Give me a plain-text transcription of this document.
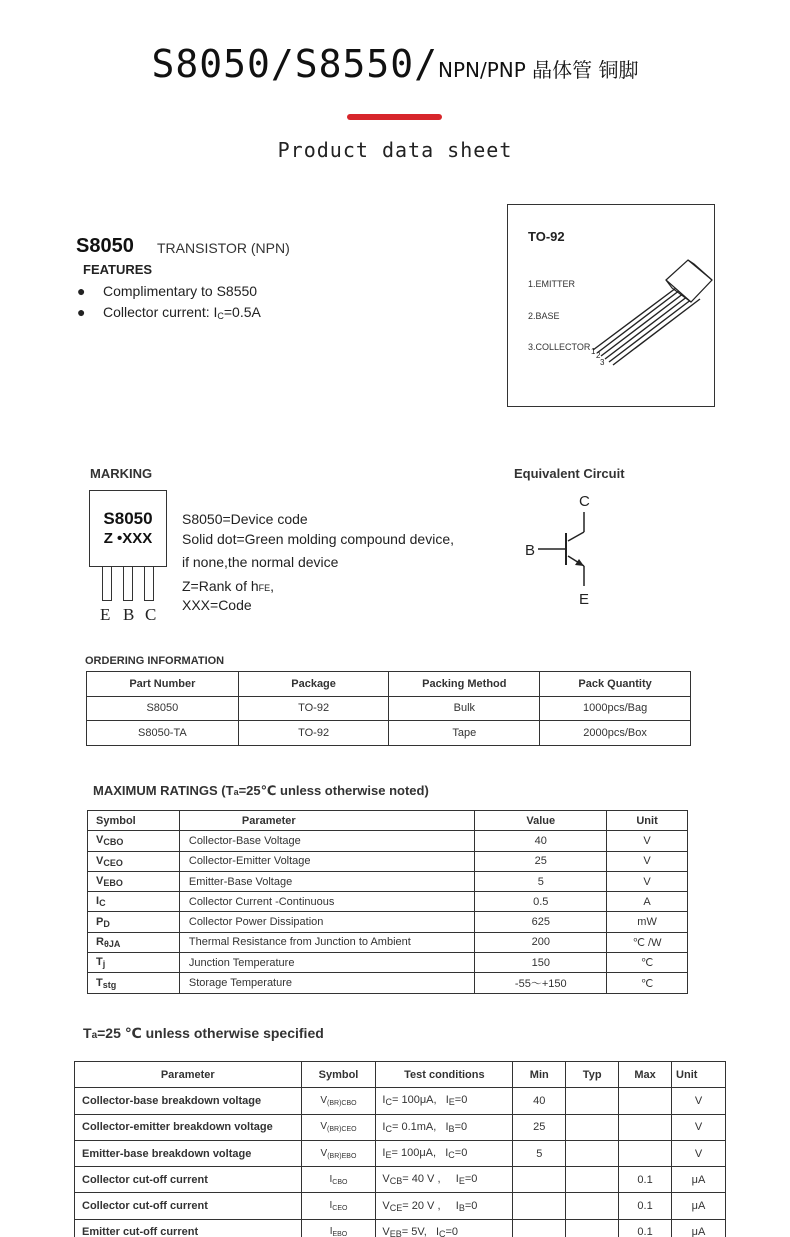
S8050/S8550/NPN/PNP 晶体管 铜脚
Product data sheet
S8050 TRANSISTOR (NPN)
FEATURES
● Complimentary to S8550
● Collector current: $I_C=0.5A$
TO-92
1.EMITTER
2.BASE
3.COLLECTOR 1 2
3
MARKING
S8050
Z •XXX
E B C
S8050=Device code
Solid dot=Green molding compound device,
if none,the normal device
Z=Rank of hFE,
XXX=Code
Equivalent Circuit
C
B
E
ORDERING INFORMATION
Part Number	Package	Packing Method	Pack Quantity
S8050	TO-92	Bulk	1000pcs/Bag
S8050-TA	TO-92	Tape	2000pcs/Box
MAXIMUM RATINGS (Ta=25℃ unless otherwise noted)
Symbol	Parameter	Value	Unit
$V_{CBO}$	Collector-Base Voltage	40	V
$V_{CEO}$	Collector-Emitter Voltage	25	V
$V_{EBO}$	Emitter-Base Voltage	5	V
$I_C$	Collector Current -Continuous	0.5	A
$P_D$	Collector Power Dissipation	625	mW
$R_{\theta JA}$	Thermal Resistance from Junction to Ambient	200	℃ /W
$T_j$	Junction Temperature	150	℃
$T_{stg}$	Storage Temperature	-55～+150	℃
Ta=25 ℃ unless otherwise specified
Parameter	Symbol	Test conditions	Min	Typ	Max	Unit
Collector-base breakdown voltage	$V_{(BR)CBO}$	$I_C= 100\mu A$,   $I_E=0$	40			V
Collector-emitter breakdown voltage	$V_{(BR)CEO}$	$I_C= 0.1mA$,   $I_B=0$	25			V
Emitter-base breakdown voltage	$V_{(BR)EBO}$	$I_E= 100\mu A$,   $I_C=0$	5			V
Collector cut-off current	$I_{CBO}$	$V_{CB}= 40$ V ,     $I_E=0$			0.1	μA
Collector cut-off current	$I_{CEO}$	$V_{CE}= 20$ V ,     $I_B=0$			0.1	μA
Emitter cut-off current	$I_{EBO}$	$V_{EB}= 5V$,   $I_C=0$			0.1	μA
